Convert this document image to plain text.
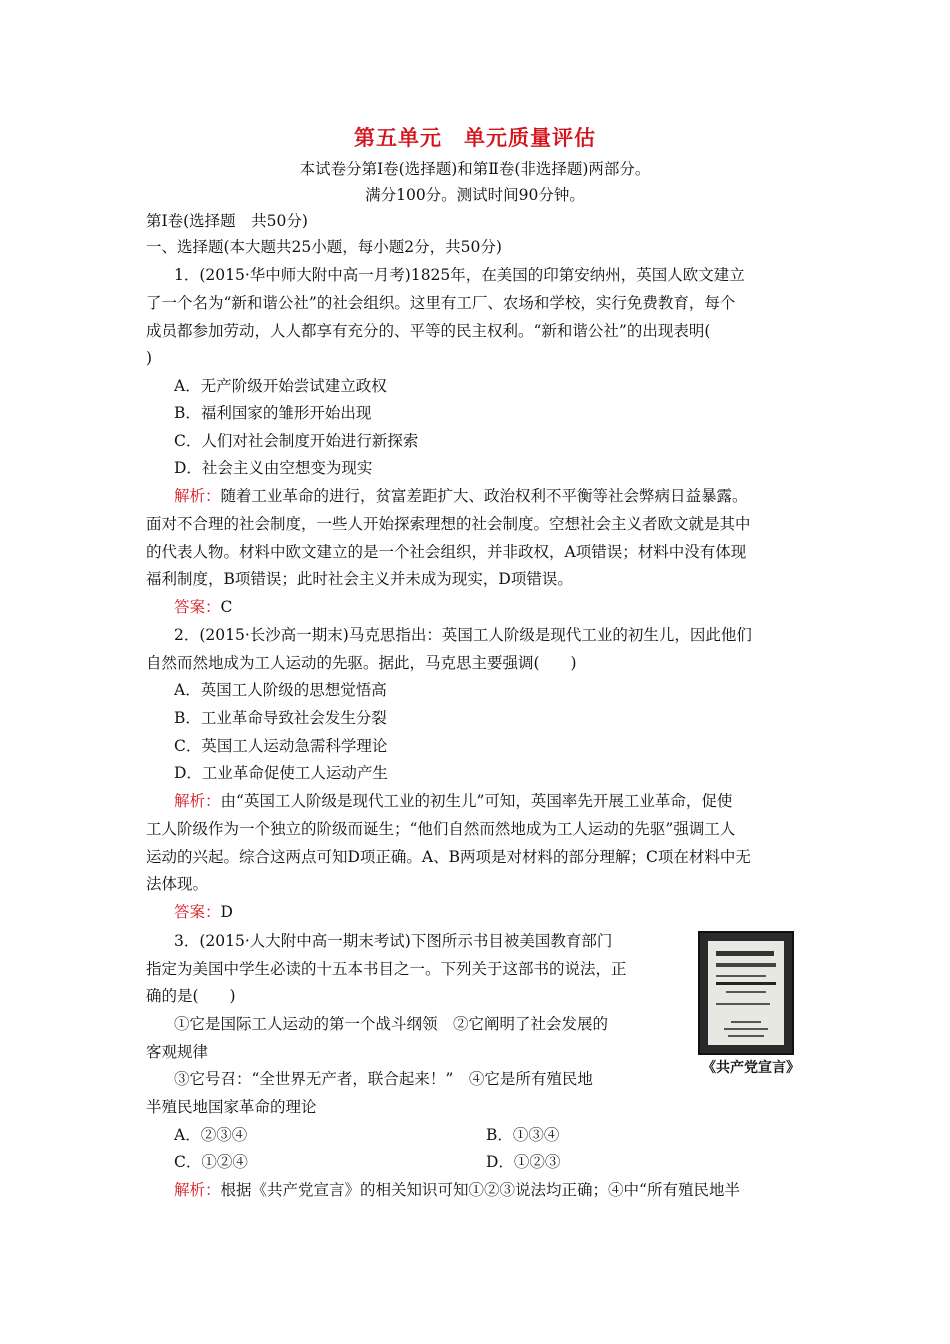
第五单元　单元质量评估
本试卷分第Ⅰ卷(选择题)和第Ⅱ卷(非选择题)两部分。
满分100分。测试时间90分钟。
第Ⅰ卷(选择题　共50分)
一、选择题(本大题共25小题，每小题2分，共50分)
1．(2015·华中师大附中高一月考)1825年，在美国的印第安纳州，英国人欧文建立
了一个名为“新和谐公社”的社会组织。这里有工厂、农场和学校，实行免费教育，每个
成员都参加劳动，人人都享有充分的、平等的民主权利。“新和谐公社”的出现表明(
)
A．无产阶级开始尝试建立政权
B．福利国家的雏形开始出现
C．人们对社会制度开始进行新探索
D．社会主义由空想变为现实
解析：随着工业革命的进行，贫富差距扩大、政治权利不平衡等社会弊病日益暴露。
面对不合理的社会制度，一些人开始探索理想的社会制度。空想社会主义者欧文就是其中
的代表人物。材料中欧文建立的是一个社会组织，并非政权，A项错误；材料中没有体现
福利制度，B项错误；此时社会主义并未成为现实，D项错误。
答案：C
2．(2015·长沙高一期末)马克思指出：英国工人阶级是现代工业的初生儿，因此他们
自然而然地成为工人运动的先驱。据此，马克思主要强调(　　)
A．英国工人阶级的思想觉悟高
B．工业革命导致社会发生分裂
C．英国工人运动急需科学理论
D．工业革命促使工人运动产生
解析：由“英国工人阶级是现代工业的初生儿”可知，英国率先开展工业革命，促使
工人阶级作为一个独立的阶级而诞生；“他们自然而然地成为工人运动的先驱”强调工人
运动的兴起。综合这两点可知D项正确。A、B两项是对材料的部分理解；C项在材料中无
法体现。
答案：D
3．(2015·人大附中高一期末考试)下图所示书目被美国教育部门
指定为美国中学生必读的十五本书目之一。下列关于这部书的说法，正
确的是(　　)
①它是国际工人运动的第一个战斗纲领　②它阐明了社会发展的
客观规律
③它号召：“全世界无产者，联合起来！”　④它是所有殖民地
半殖民地国家革命的理论
A．②③④	B．①③④
C．①②④	D．①②③
解析：根据《共产党宣言》的相关知识可知①②③说法均正确；④中“所有殖民地半
《共产党宣言》
